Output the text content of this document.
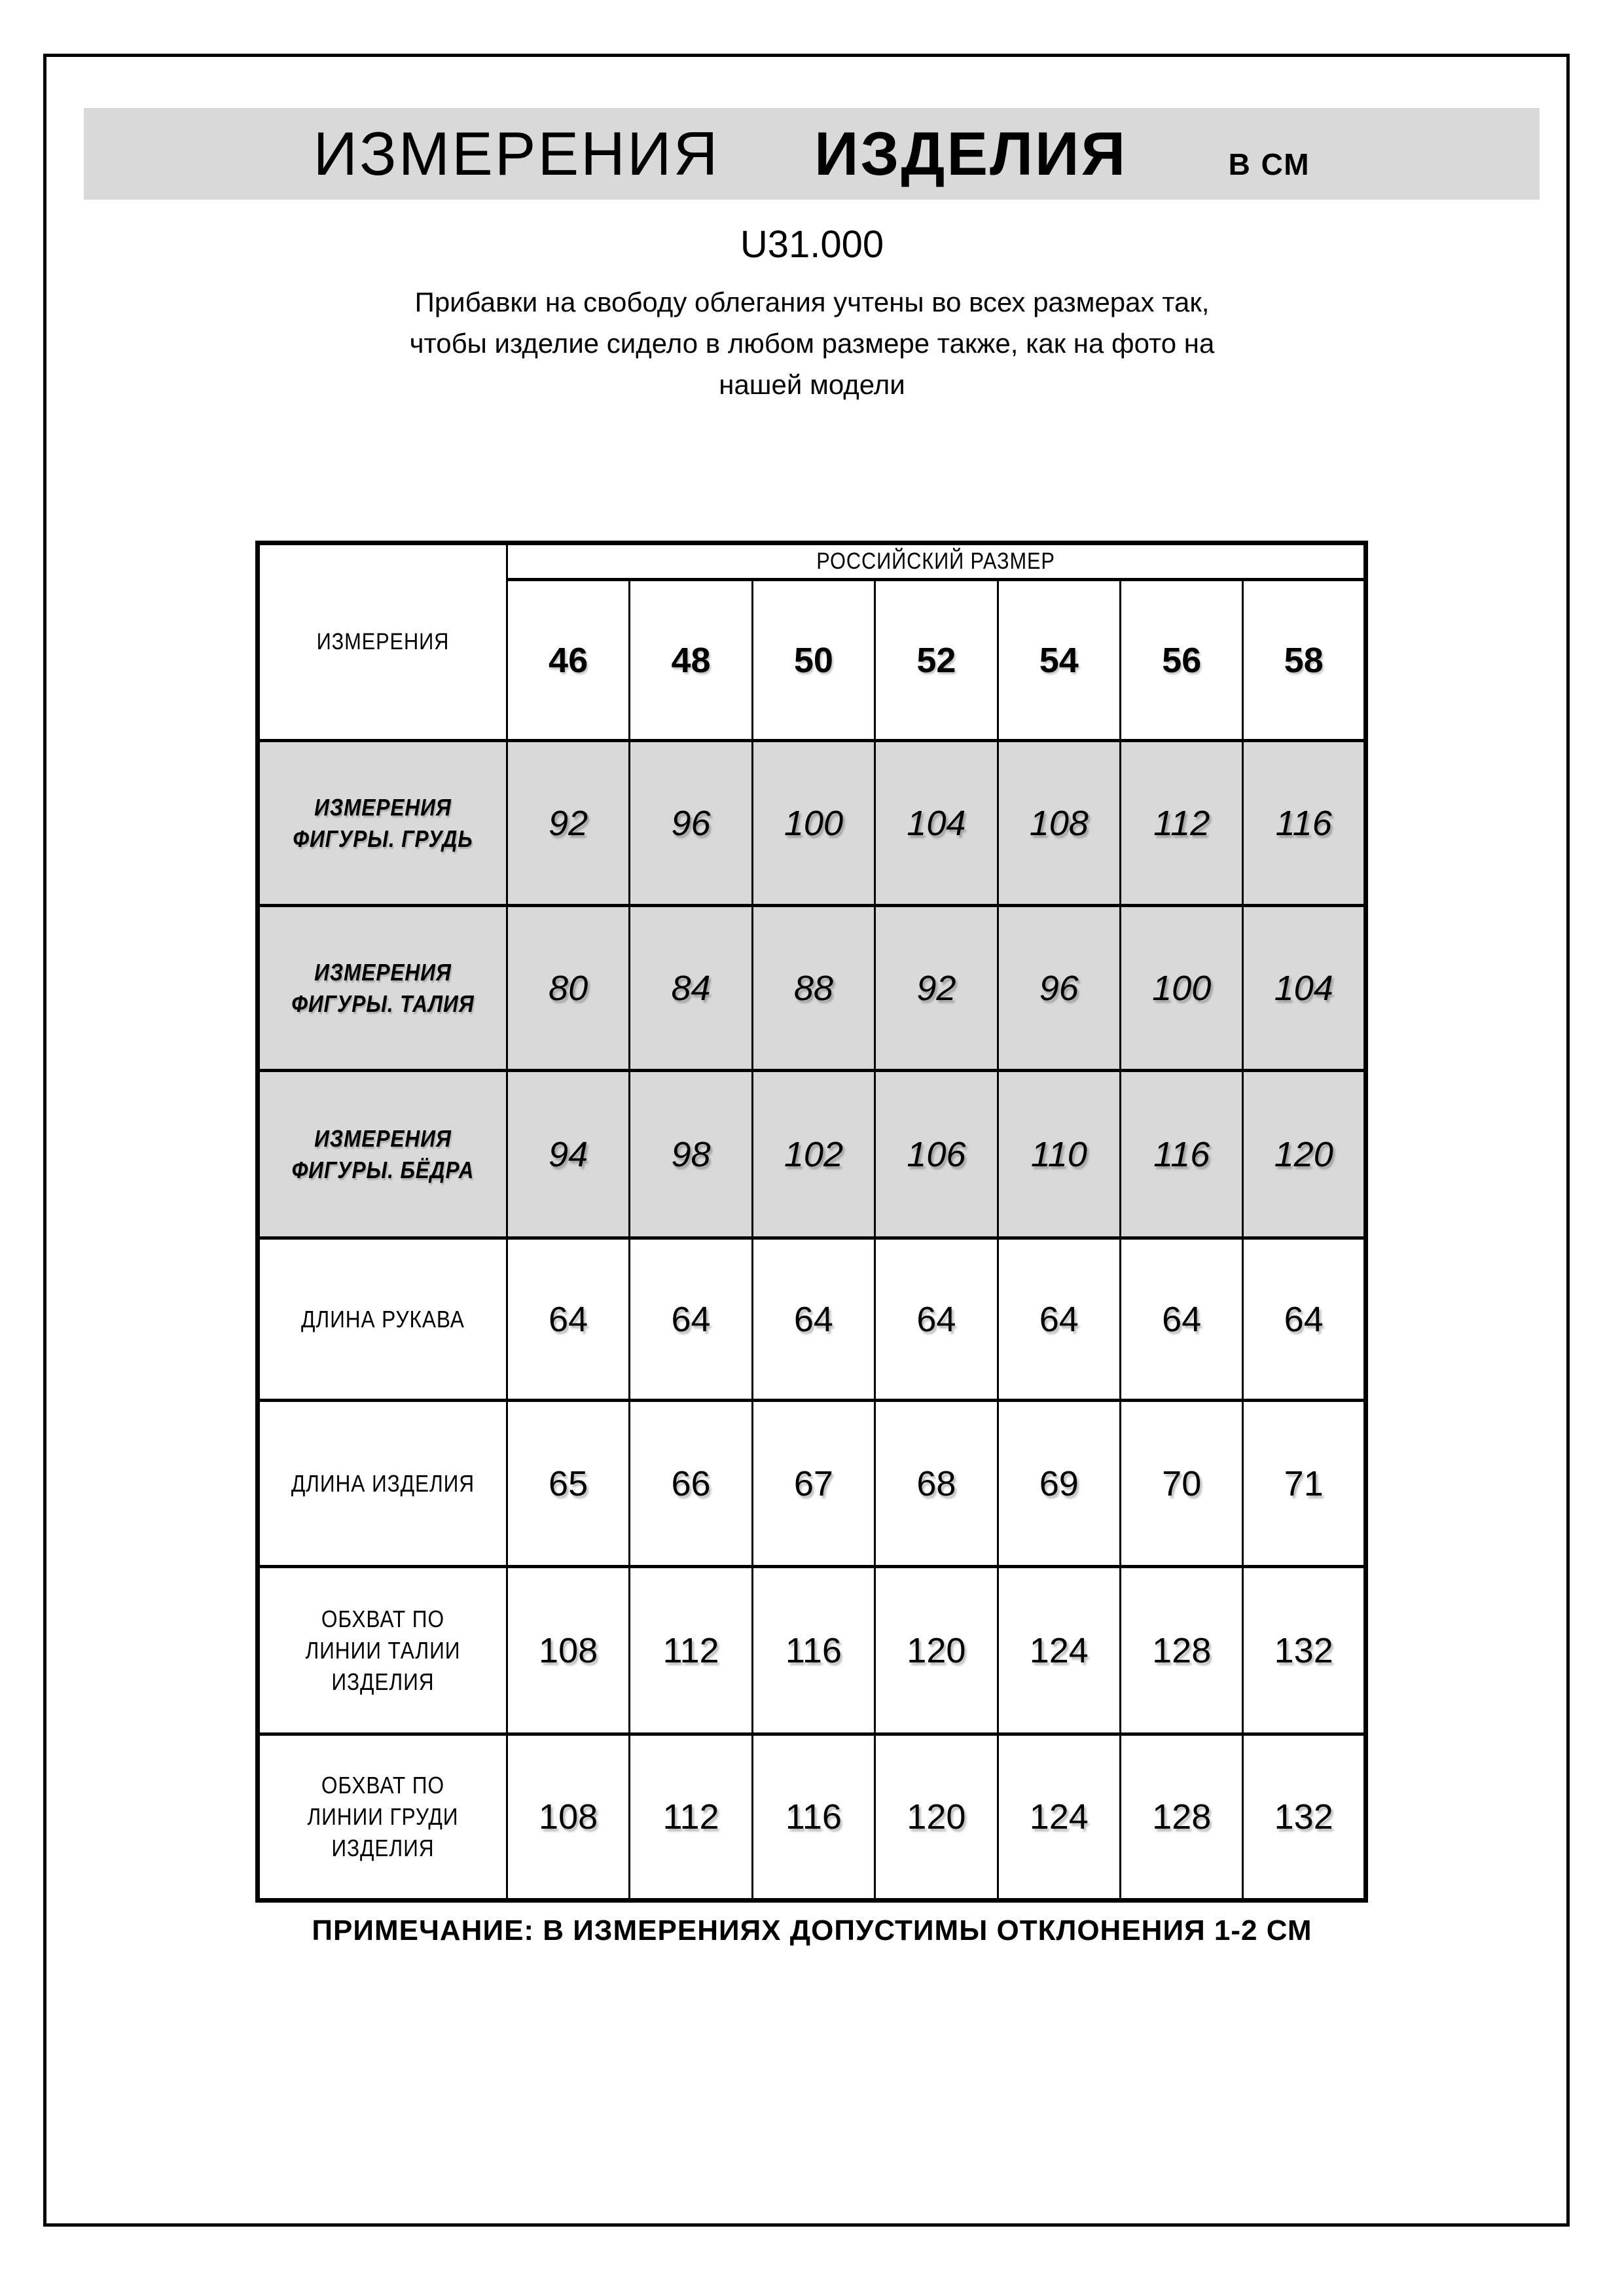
ИЗМЕРЕНИЯ ИЗДЕЛИЯ	В СМ
U31.000
Прибавки на свободу облегания учтены во всех размерах так,
чтобы изделие сидело в любом размере также, как на фото на
нашей модели
ИЗМЕРЕНИЯ	РОССИЙСКИЙ РАЗМЕР						

	46	48	50	52	54	56	58

ИЗМЕРЕНИЯ
ФИГУРЫ. ГРУДЬ	92	96	100	104	108	112	116

ИЗМЕРЕНИЯ
ФИГУРЫ. ТАЛИЯ	80	84	88	92	96	100	104

ИЗМЕРЕНИЯ
ФИГУРЫ. БЁДРА	94	98	102	106	110	116	120

ДЛИНА РУКАВА	64	64	64	64	64	64	64

ДЛИНА ИЗДЕЛИЯ	65	66	67	68	69	70	71

ОБХВАТ ПО
ЛИНИИ ТАЛИИ
ИЗДЕЛИЯ	108	112	116	120	124	128	132

ОБХВАТ ПО
ЛИНИИ ГРУДИ
ИЗДЕЛИЯ	108	112	116	120	124	128	132
ПРИМЕЧАНИЕ: В ИЗМЕРЕНИЯХ ДОПУСТИМЫ ОТКЛОНЕНИЯ 1-2 СМ
